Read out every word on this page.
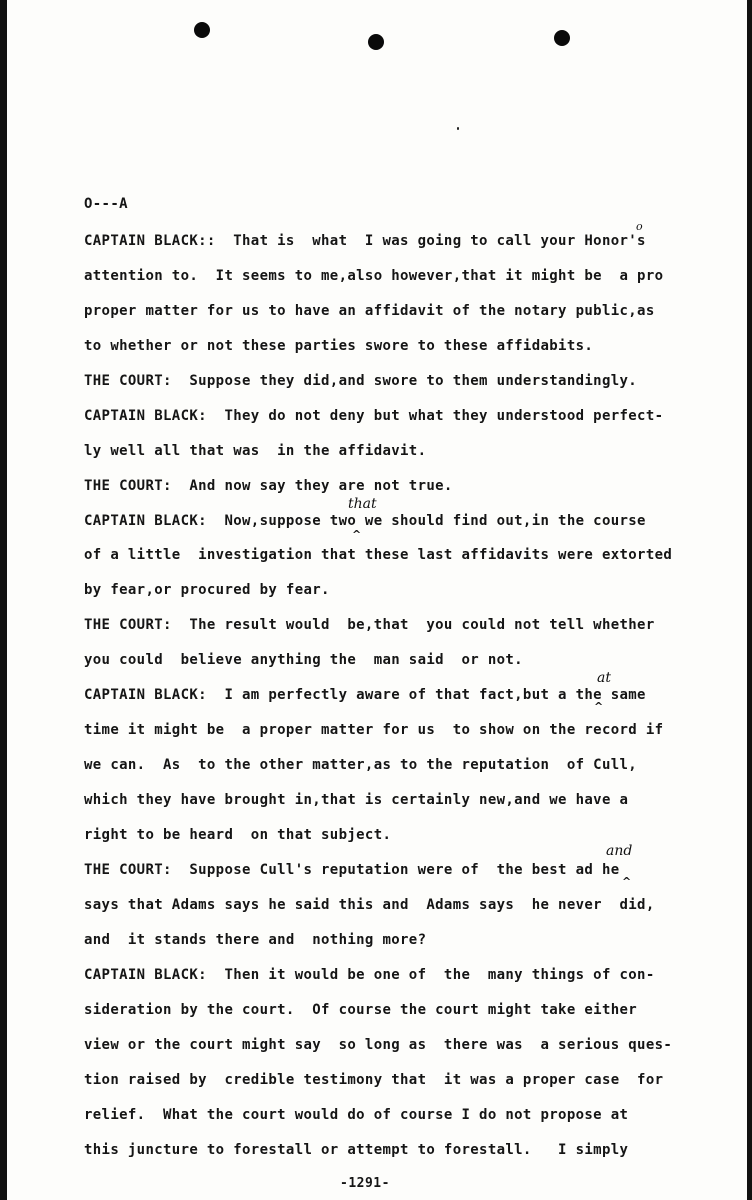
O---A
o
CAPTAIN BLACK::  That is  what  I was going to call your Honor's
attention to.  It seems to me,also however,that it might be  a pro
proper matter for us to have an affidavit of the notary public,as
to whether or not these parties swore to these affidabits.
THE COURT:  Suppose they did,and swore to them understandingly.
CAPTAIN BLACK:  They do not deny but what they understood perfect-
ly well all that was  in the affidavit.
THE COURT:  And now say they are not true.
that
CAPTAIN BLACK:  Now,suppose two we should find out,in the course
^
of a little  investigation that these last affidavits were extorted
by fear,or procured by fear.
THE COURT:  The result would  be,that  you could not tell whether
you could  believe anything the  man said  or not.
at
CAPTAIN BLACK:  I am perfectly aware of that fact,but a the same
^
time it might be  a proper matter for us  to show on the record if
we can.  As  to the other matter,as to the reputation  of Cull,
which they have brought in,that is certainly new,and we have a
right to be heard  on that subject.
and
THE COURT:  Suppose Cull's reputation were of  the best ad he
^
says that Adams says he said this and  Adams says  he never  did,
and  it stands there and  nothing more?
CAPTAIN BLACK:  Then it would be one of  the  many things of con-
sideration by the court.  Of course the court might take either
view or the court might say  so long as  there was  a serious ques-
tion raised by  credible testimony that  it was a proper case  for
relief.  What the court would do of course I do not propose at
this juncture to forestall or attempt to forestall.   I simply
-1291-
